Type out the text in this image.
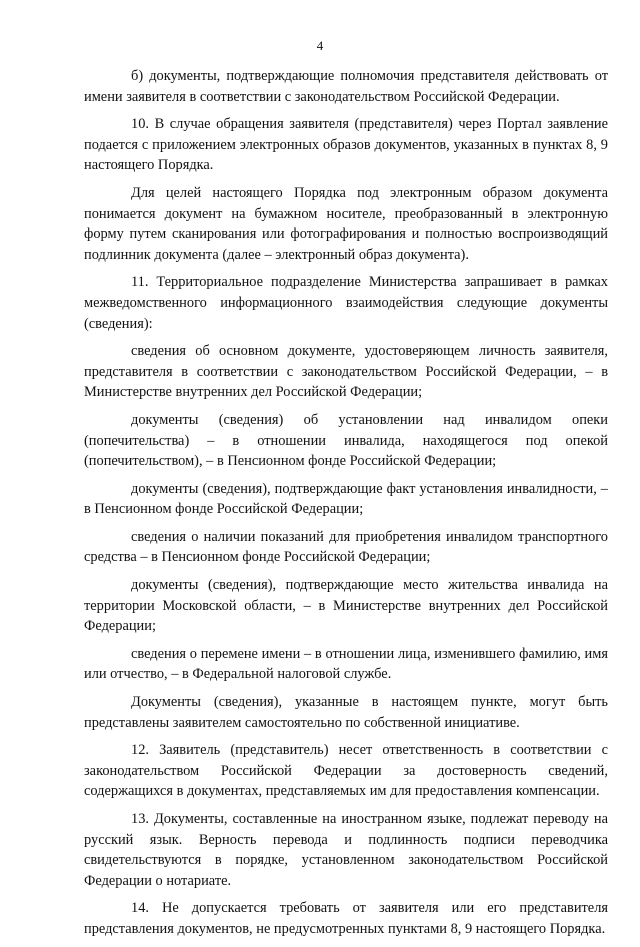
4

б) документы, подтверждающие полномочия представителя действовать от имени заявителя в соответствии с законодательством Российской Федерации.

10. В случае обращения заявителя (представителя) через Портал заявление подается с приложением электронных образов документов, указанных в пунктах 8, 9 настоящего Порядка.

Для целей настоящего Порядка под электронным образом документа понимается документ на бумажном носителе, преобразованный в электронную форму путем сканирования или фотографирования и полностью воспроизводящий подлинник документа (далее – электронный образ документа).

11. Территориальное подразделение Министерства запрашивает в рамках межведомственного информационного взаимодействия следующие документы (сведения):

сведения об основном документе, удостоверяющем личность заявителя, представителя в соответствии с законодательством Российской Федерации, – в Министерстве внутренних дел Российской Федерации;

документы (сведения) об установлении над инвалидом опеки (попечительства) – в отношении инвалида, находящегося под опекой (попечительством), – в Пенсионном фонде Российской Федерации;

документы (сведения), подтверждающие факт установления инвалидности, – в Пенсионном фонде Российской Федерации;

сведения о наличии показаний для приобретения инвалидом транспортного средства – в Пенсионном фонде Российской Федерации;

документы (сведения), подтверждающие место жительства инвалида на территории Московской области, – в Министерстве внутренних дел Российской Федерации;

сведения о перемене имени – в отношении лица, изменившего фамилию, имя или отчество, – в Федеральной налоговой службе.

Документы (сведения), указанные в настоящем пункте, могут быть представлены заявителем самостоятельно по собственной инициативе.

12. Заявитель (представитель) несет ответственность в соответствии с законодательством Российской Федерации за достоверность сведений, содержащихся в документах, представляемых им для предоставления компенсации.

13. Документы, составленные на иностранном языке, подлежат переводу на русский язык. Верность перевода и подлинность подписи переводчика свидетельствуются в порядке, установленном законодательством Российской Федерации о нотариате.

14. Не допускается требовать от заявителя или его представителя представления документов, не предусмотренных пунктами 8, 9 настоящего Порядка.
